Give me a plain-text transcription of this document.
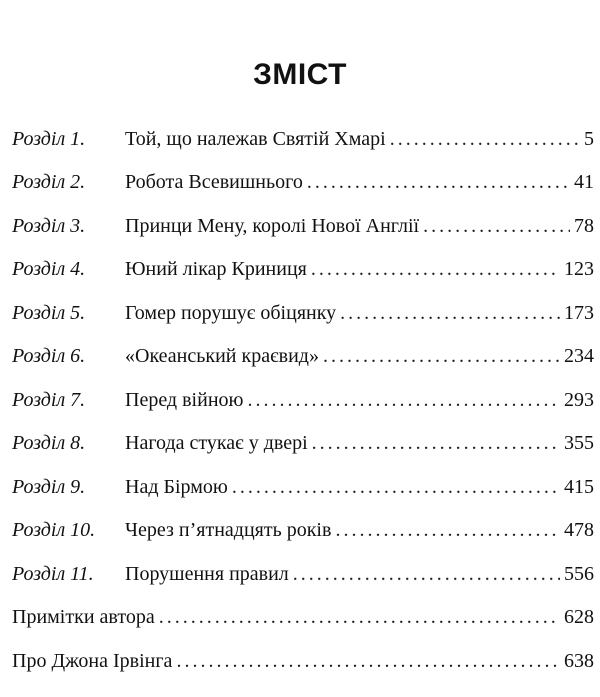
ЗМІСТ
Розділ 1.	Той, що належав Святій Хмарі .....	5
Розділ 2.	Робота Всевишнього .....	41
Розділ 3.	Принци Мену, королі Нової Англії .....	78
Розділ 4.	Юний лікар Криниця .....	123
Розділ 5.	Гомер порушує обіцянку .....	173
Розділ 6.	«Океанський краєвид» .....	234
Розділ 7.	Перед війною .....	293
Розділ 8.	Нагода стукає у двері .....	355
Розділ 9.	Над Бірмою .....	415
Розділ 10.	Через п’ятнадцять років .....	478
Розділ 11.	Порушення правил .....	556
Примітки автора .....	628
Про Джона Ірвінга .....	638
